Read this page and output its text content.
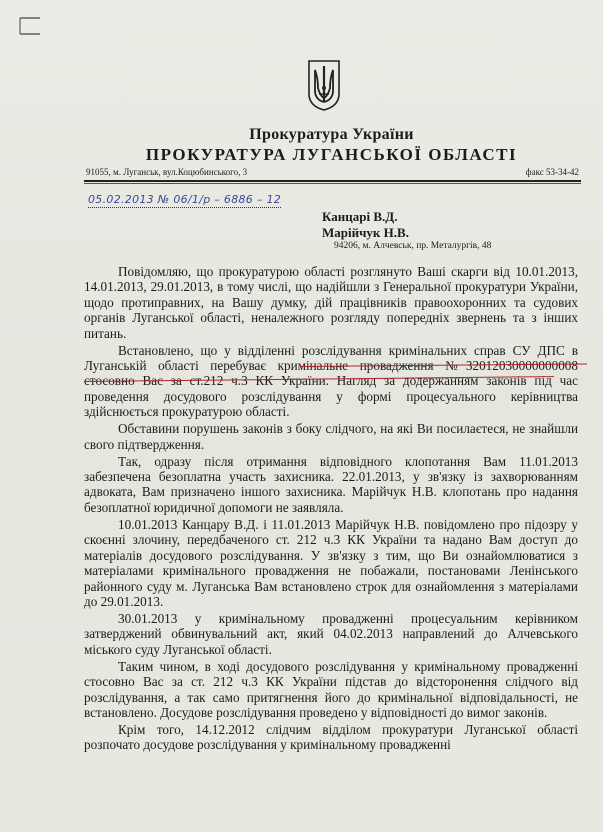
Прокуратура України
ПРОКУРАТУРА ЛУГАНСЬКОЇ ОБЛАСТІ
91055, м. Луганськ, вул.Коцюбинського, 3	факс 53-34-42
05.02.2013 № 06/1/р – 6886 – 12
Канцарі В.Д.
Марійчук Н.В.
94206, м. Алчевськ, пр. Металургів, 48

Повідомляю, що прокуратурою області розглянуто Ваші скарги від 10.01.2013, 14.01.2013, 29.01.2013, в тому числі, що надійшли з Генеральної прокуратури України, щодо протиправних, на Вашу думку, дій працівників правоохоронних та судових органів Луганської області, неналежного розгляду попередніх звернень та з інших питань.

Встановлено, що у відділенні розслідування кримінальних справ СУ ДПС в Луганській області перебуває кримінальне провадження №32012030000000008 стосовно Вас за ст.212 ч.3 КК України. Нагляд за додержанням законів під час проведення досудового розслідування у формі процесуального керівництва здійснюється прокуратурою області.

Обставини порушень законів з боку слідчого, на які Ви посилаєтеся, не знайшли свого підтвердження.

Так, одразу після отримання відповідного клопотання Вам 11.01.2013 забезпечена безоплатна участь захисника. 22.01.2013, у зв'язку із захворюванням адвоката, Вам призначено іншого захисника. Марійчук Н.В. клопотань про надання безоплатної юридичної допомоги не заявляла.

10.01.2013 Канцару В.Д. і 11.01.2013 Марійчук Н.В. повідомлено про підозру у скоєнні злочину, передбаченого ст. 212 ч.3 КК України та надано Вам доступ до матеріалів досудового розслідування. У зв'язку з тим, що Ви ознайомлюватися з матеріалами кримінального провадження не побажали, постановами Ленінського районного суду м. Луганська Вам встановлено строк для ознайомлення з матеріалами до 29.01.2013.

30.01.2013 у кримінальному провадженні процесуальним керівником затверджений обвинувальний акт, який 04.02.2013 направлений до Алчевського міського суду Луганської області.

Таким чином, в ході досудового розслідування у кримінальному провадженні стосовно Вас за ст. 212 ч.3 КК України підстав до відсторонення слідчого від розслідування, а так само притягнення його до кримінальної відповідальності, не встановлено. Досудове розслідування проведено у відповідності до вимог законів.

Крім того, 14.12.2012 слідчим відділом прокуратури Луганської області розпочато досудове розслідування у кримінальному провадженні
